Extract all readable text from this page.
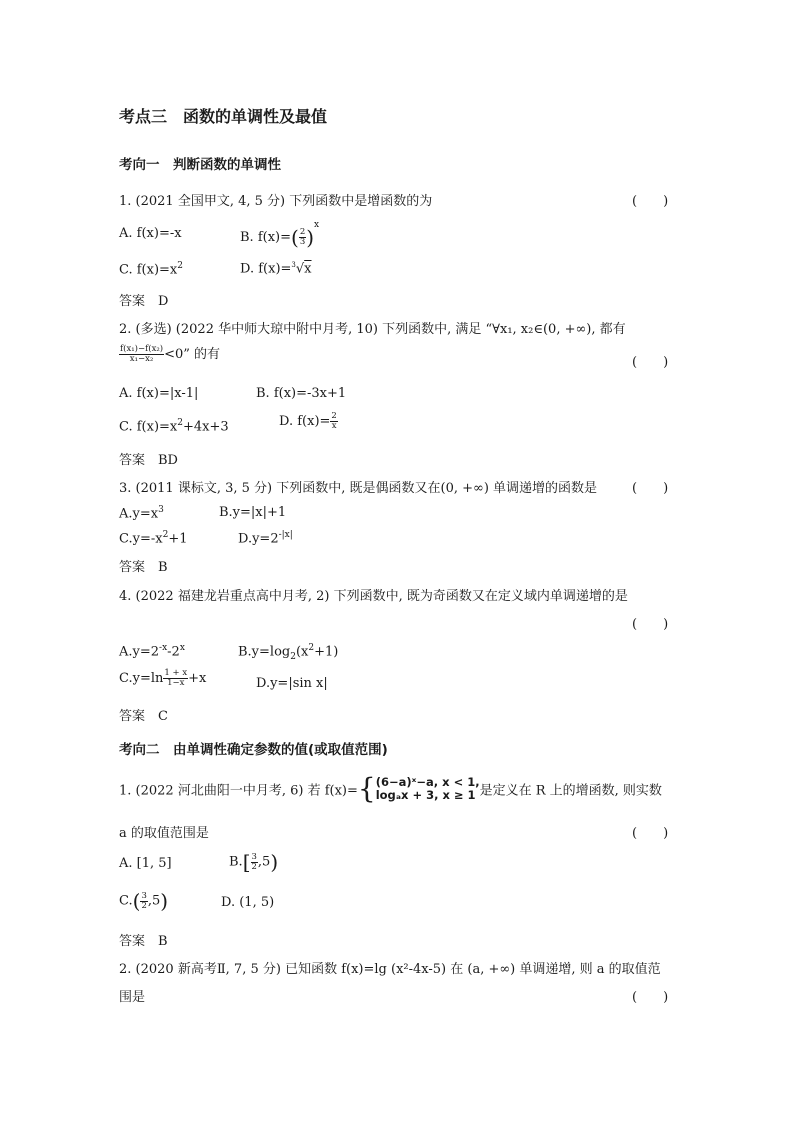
考点三　函数的单调性及最值
考向一　判断函数的单调性
1. (2021 全国甲文, 4, 5 分) 下列函数中是增函数的为	(　　)
A. f(x)=-x	B. $f(x)=( \frac{2}{3} )^x$
C. $f(x)=x^2$	D. f(x)=$^3$√x
答案　D
2. (多选) (2022 华中师大琼中附中月考, 10) 下列函数中, 满足 “∀x₁, x₂∈(0, +∞), 都有
$\frac{\text{f(x₁)−f(x₂)}}{\text{x₁−x₂}} <0$” 的有
(　　)
A. f(x)=|x-1|	B. f(x)=-3x+1
C. $f(x)=x^2+4x+3$	D. $f(x)= \frac{2}{x}$
答案　BD
3. (2011 课标文, 3, 5 分) 下列函数中, 既是偶函数又在(0, +∞) 单调递增的函数是	(　　)
$A.y=x^3$	B.y=|x|+1
$C.y=-x^2+1$	$D.y=2^{-|x|}$
答案　B
4. (2022 福建龙岩重点高中月考, 2) 下列函数中, 既为奇函数又在定义域内单调递增的是
(　　)
$A.y=2^{-x}-2^x$	$B.y=\log_2(x^2+1)$
$C.y=\ln \frac{1 + x}{1-x} +x$	D.y=|sin x|
答案　C
考向二　由单调性确定参数的值(或取值范围)
1. (2022 河北曲阳一中月考, 6) 若 f(x)={ (6−a)ˣ−a, x < 1,
logₐx + 3, x ≥ 1 是定义在 R 上的增函数, 则实数
a 的取值范围是	(　　)
A. [1, 5]	$B.[ \frac{3}{2} ,5)$
$C.( \frac{3}{2} ,5)$	D. (1, 5)
答案　B
2. (2020 新高考Ⅱ, 7, 5 分) 已知函数 f(x)=lg (x²-4x-5) 在 (a, +∞) 单调递增, 则 a 的取值范
围是	(　　)
